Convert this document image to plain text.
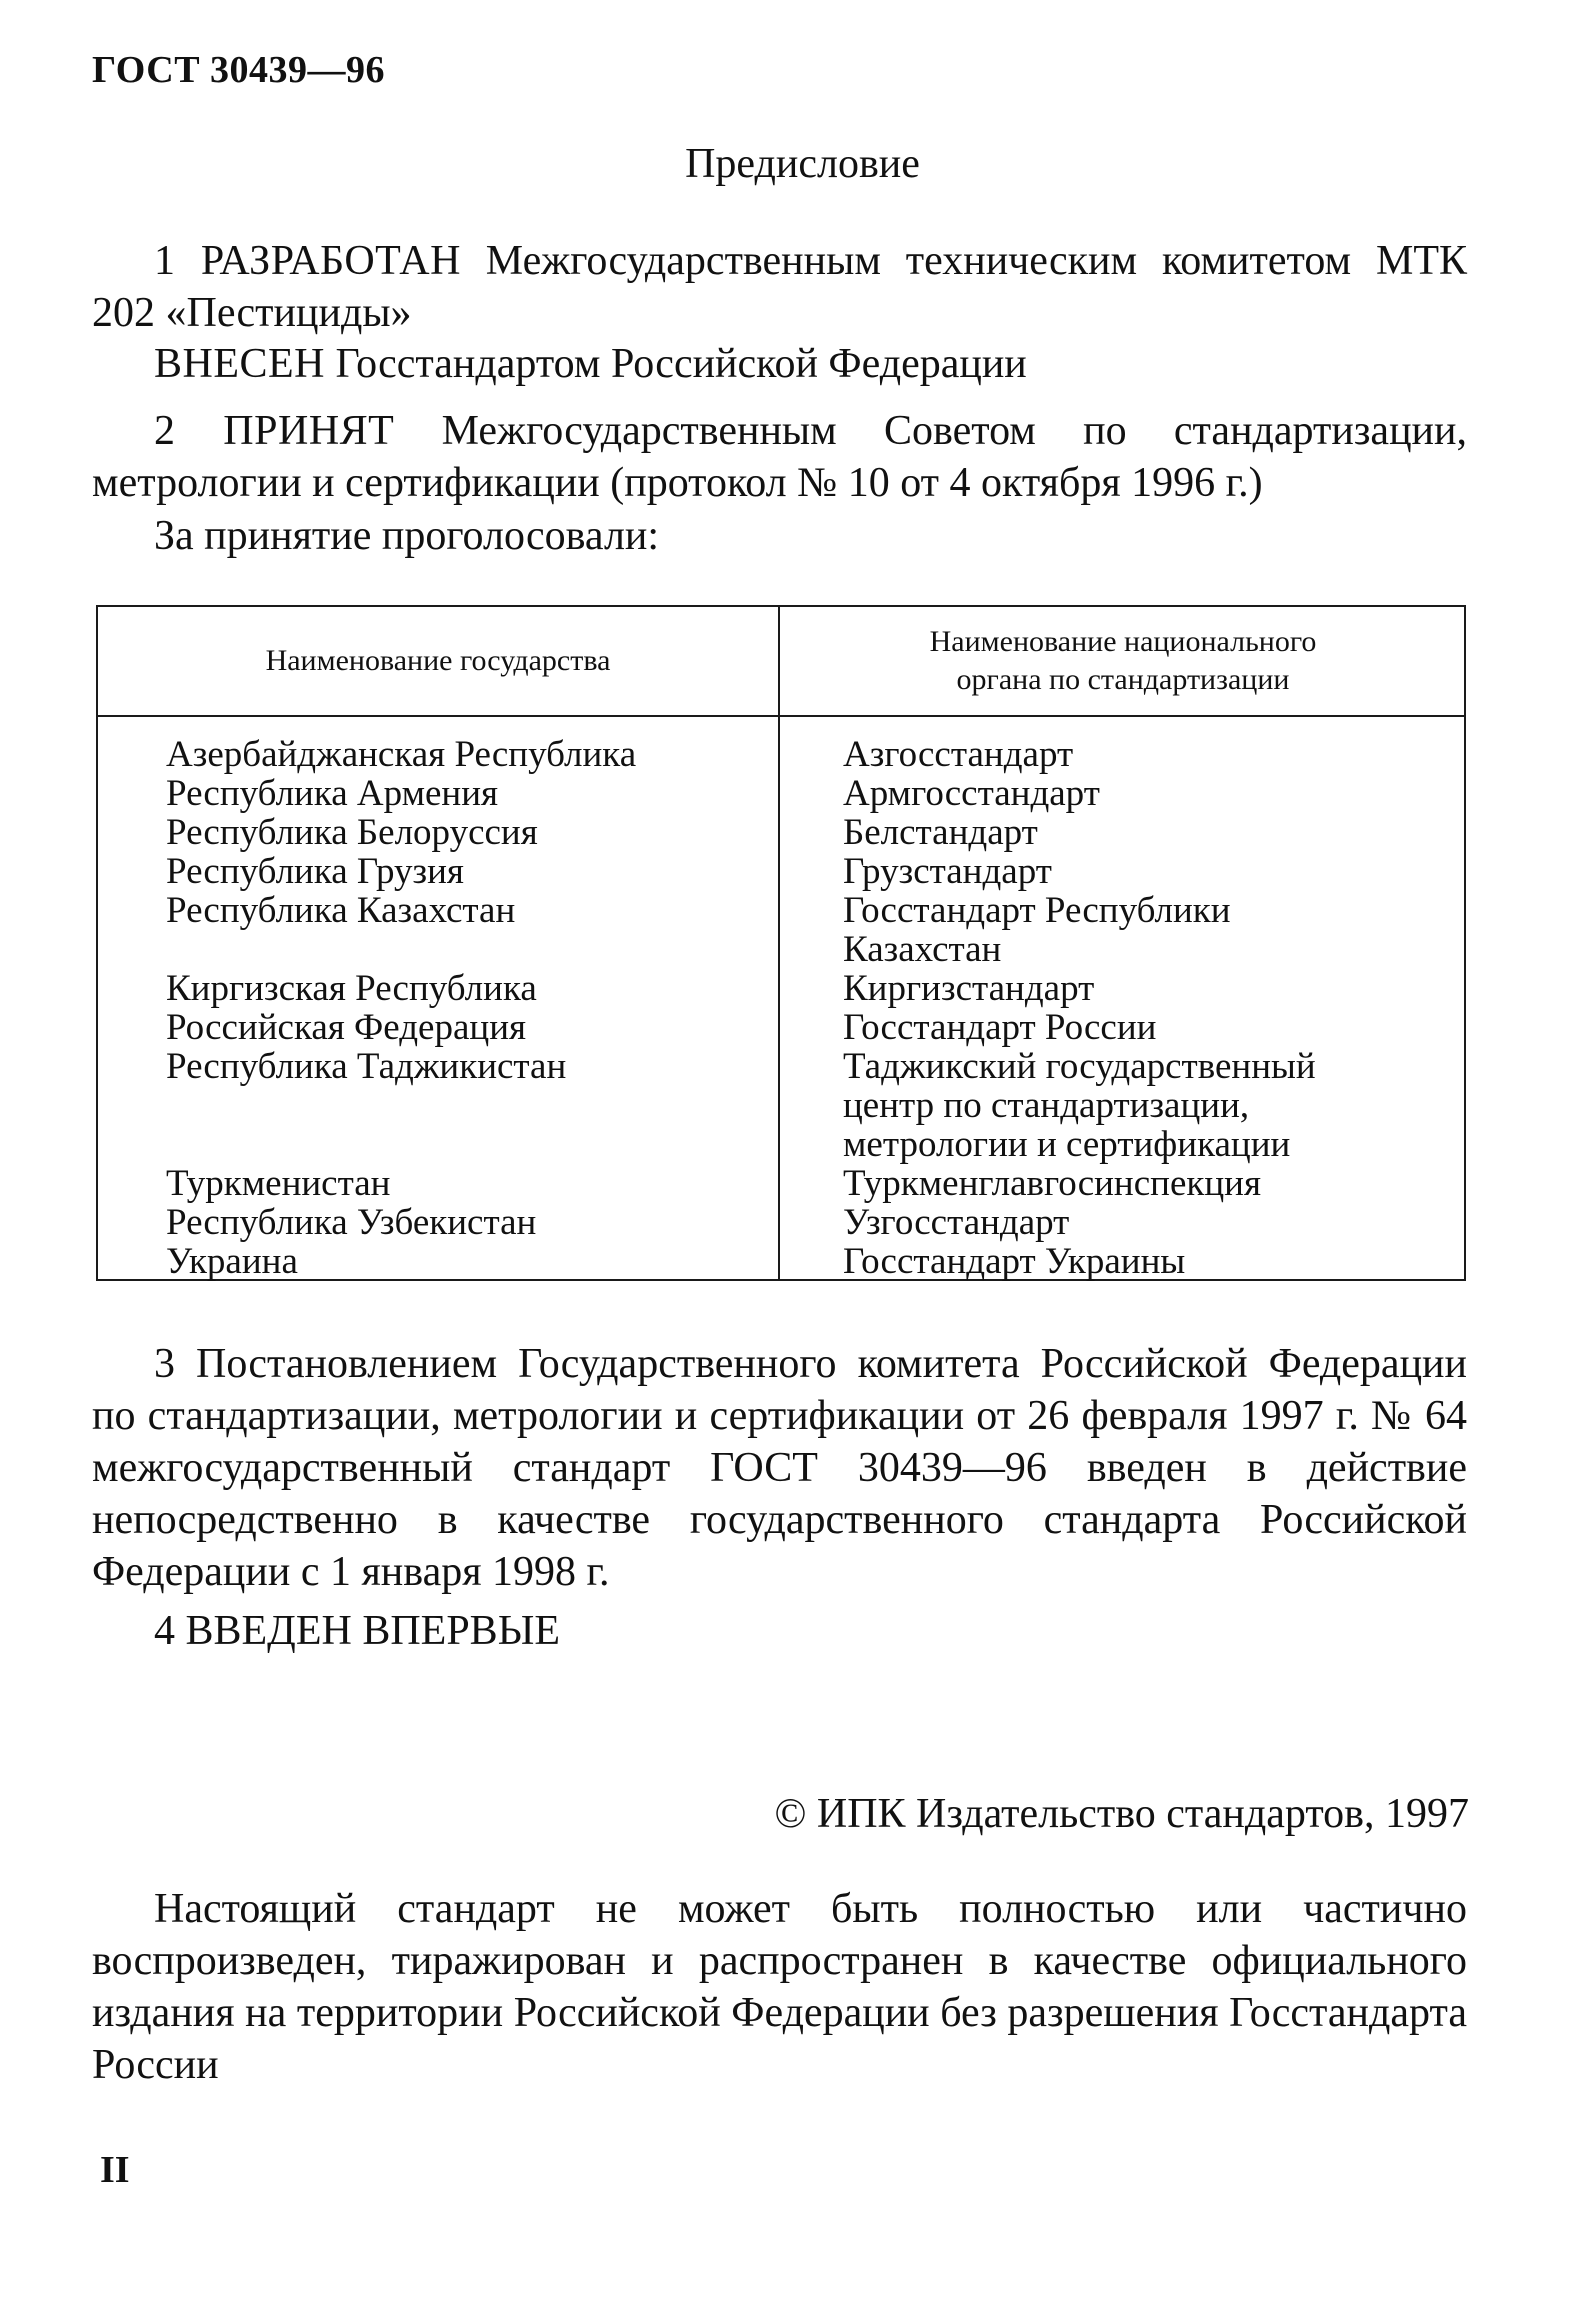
ГОСТ 30439—96
Предисловие
1 РАЗРАБОТАН Межгосударственным техническим комитетом МТК 202 «Пестициды»
ВНЕСЕН Госстандартом Российской Федерации
2 ПРИНЯТ Межгосударственным Советом по стандартизации, метрологии и сертификации (протокол № 10 от 4 октября 1996 г.)
За принятие проголосовали:
Наименование государства
Наименование национального органа по стандартизации
Азербайджанская Республика
Республика Армения
Республика Белоруссия
Республика Грузия
Республика Казахстан
Киргизская Республика
Российская Федерация
Республика Таджикистан
Туркменистан
Республика Узбекистан
Украина
Азгосстандарт
Армгосстандарт
Белстандарт
Грузстандарт
Госстандарт Республики Казахстан
Киргизстандарт
Госстандарт России
Таджикский государственный центр по стандартизации, метрологии и сертификации
Туркменглавгосинспекция
Узгосстандарт
Госстандарт Украины
3 Постановлением Государственного комитета Российской Федерации по стандартизации, метрологии и сертификации от 26 февраля 1997 г. № 64 межгосударственный стандарт ГОСТ 30439—96 введен в действие непосредственно в качестве государственного стандарта Российской Федерации с 1 января 1998 г.
4 ВВЕДЕН ВПЕРВЫЕ
© ИПК Издательство стандартов, 1997
Настоящий стандарт не может быть полностью или частично воспроизведен, тиражирован и распространен в качестве официального издания на территории Российской Федерации без разрешения Госстандарта России
II
